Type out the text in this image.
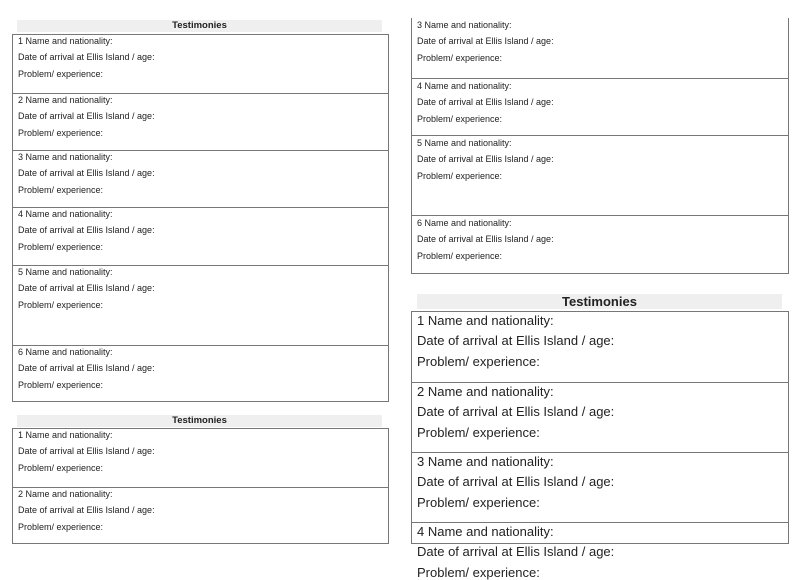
Testimonies
1 Name and nationality:
Date of arrival at Ellis Island / age:
Problem/ experience:
2 Name and nationality:
Date of arrival at Ellis Island / age:
Problem/ experience:
3 Name and nationality:
Date of arrival at Ellis Island / age:
Problem/ experience:
4 Name and nationality:
Date of arrival at Ellis Island / age:
Problem/ experience:
5 Name and nationality:
Date of arrival at Ellis Island / age:
Problem/ experience:
6 Name and nationality:
Date of arrival at Ellis Island / age:
Problem/ experience:
Testimonies
1 Name and nationality:
Date of arrival at Ellis Island / age:
Problem/ experience:
2 Name and nationality:
Date of arrival at Ellis Island / age:
Problem/ experience:
3 Name and nationality:
Date of arrival at Ellis Island / age:
Problem/ experience:
4 Name and nationality:
Date of arrival at Ellis Island / age:
Problem/ experience:
5 Name and nationality:
Date of arrival at Ellis Island / age:
Problem/ experience:
6 Name and nationality:
Date of arrival at Ellis Island / age:
Problem/ experience:
Testimonies
1 Name and nationality:
Date of arrival at Ellis Island / age:
Problem/ experience:
2 Name and nationality:
Date of arrival at Ellis Island / age:
Problem/ experience:
3 Name and nationality:
Date of arrival at Ellis Island / age:
Problem/ experience:
4 Name and nationality:
Date of arrival at Ellis Island / age:
Problem/ experience:
